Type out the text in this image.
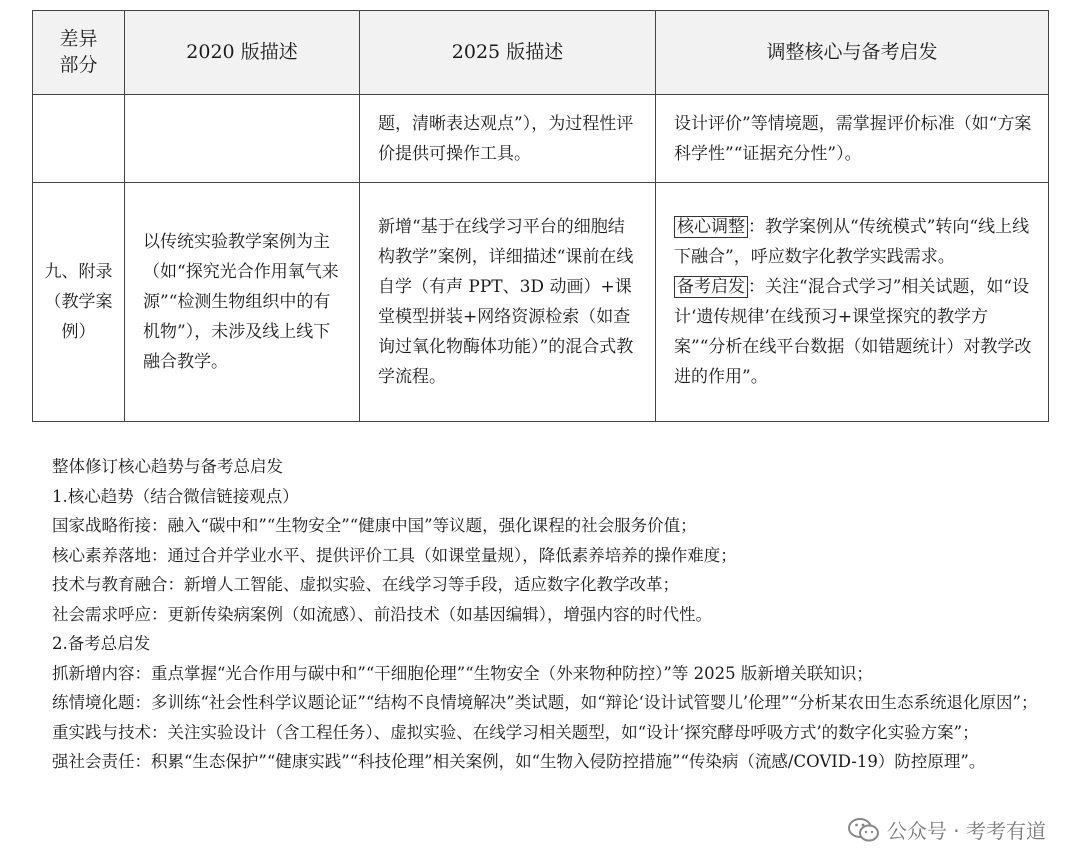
差异
部分	2020 版描述	2025 版描述	调整核心与备考启发

		题，清晰表达观点”），为过程性评价提供可操作工具。	设计评价”等情境题，需掌握评价标准（如“方案科学性”“证据充分性”）。

九、附录（教学案例）	以传统实验教学案例为主（如“探究光合作用氧气来源”“检测生物组织中的有机物”），未涉及线上线下融合教学。	新增“基于在线学习平台的细胞结构教学”案例，详细描述“课前在线自学（有声 PPT、3D 动画）+课堂模型拼装+网络资源检索（如查询过氧化物酶体功能）”的混合式教学流程。	核心调整 ：教学案例从“传统模式”转向“线上线下融合”，呼应数字化教学实践需求。
备考启发 ：关注“混合式学习”相关试题，如“设计‘遗传规律’在线预习+课堂探究的教学方案”“分析在线平台数据（如错题统计）对教学改进的作用”。

整体修订核心趋势与备考总启发

1.核心趋势（结合微信链接观点）

国家战略衔接：融入“碳中和”“生物安全”“健康中国”等议题，强化课程的社会服务价值；

核心素养落地：通过合并学业水平、提供评价工具（如课堂量规），降低素养培养的操作难度；

技术与教育融合：新增人工智能、虚拟实验、在线学习等手段，适应数字化教学改革；

社会需求呼应：更新传染病案例（如流感）、前沿技术（如基因编辑），增强内容的时代性。

2.备考总启发

抓新增内容：重点掌握“光合作用与碳中和”“干细胞伦理”“生物安全（外来物种防控）”等 2025 版新增关联知识；

练情境化题：多训练“社会性科学议题论证”“结构不良情境解决”类试题，如“辩论‘设计试管婴儿’伦理”“分析某农田生态系统退化原因”；

重实践与技术：关注实验设计（含工程任务）、虚拟实验、在线学习相关题型，如“设计‘探究酵母呼吸方式’的数字化实验方案”；

强社会责任：积累“生态保护”“健康实践”“科技伦理”相关案例，如“生物入侵防控措施”“传染病（流感/COVID-19）防控原理”。

公众号 · 考考有道
